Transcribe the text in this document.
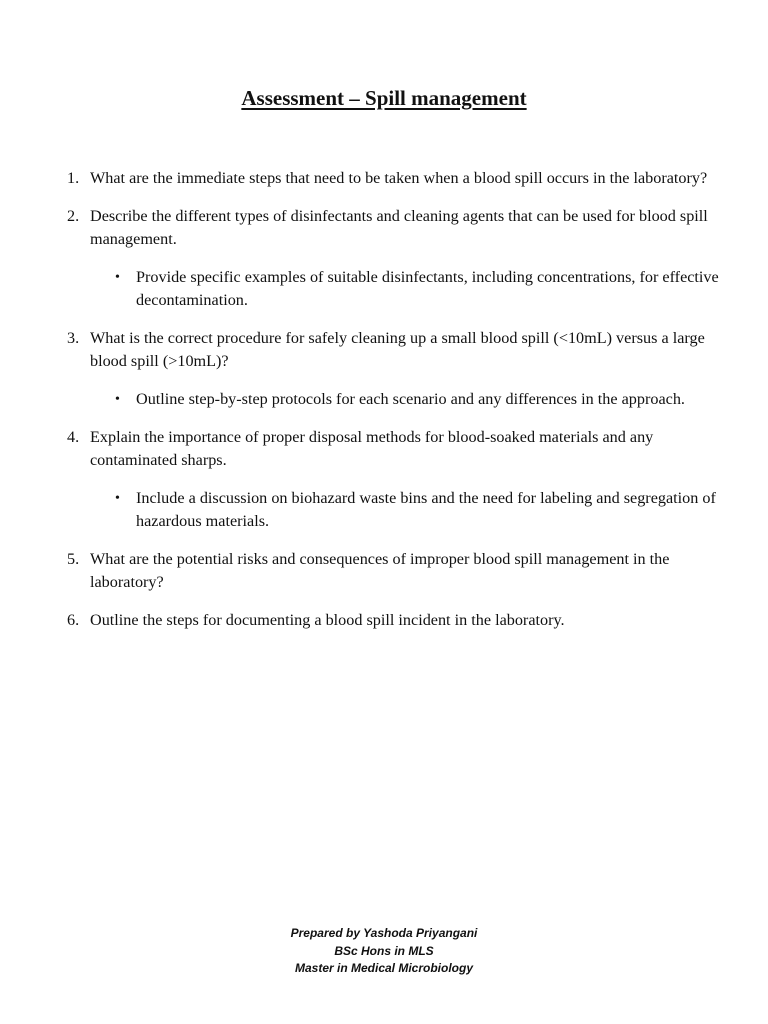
Assessment – Spill management
1. What are the immediate steps that need to be taken when a blood spill occurs in the laboratory?
2. Describe the different types of disinfectants and cleaning agents that can be used for blood spill management.
• Provide specific examples of suitable disinfectants, including concentrations, for effective decontamination.
3. What is the correct procedure for safely cleaning up a small blood spill (<10mL) versus a large blood spill (>10mL)?
• Outline step-by-step protocols for each scenario and any differences in the approach.
4. Explain the importance of proper disposal methods for blood-soaked materials and any contaminated sharps.
• Include a discussion on biohazard waste bins and the need for labeling and segregation of hazardous materials.
5. What are the potential risks and consequences of improper blood spill management in the laboratory?
6. Outline the steps for documenting a blood spill incident in the laboratory.
Prepared by Yashoda Priyangani
BSc Hons in MLS
Master in Medical Microbiology
